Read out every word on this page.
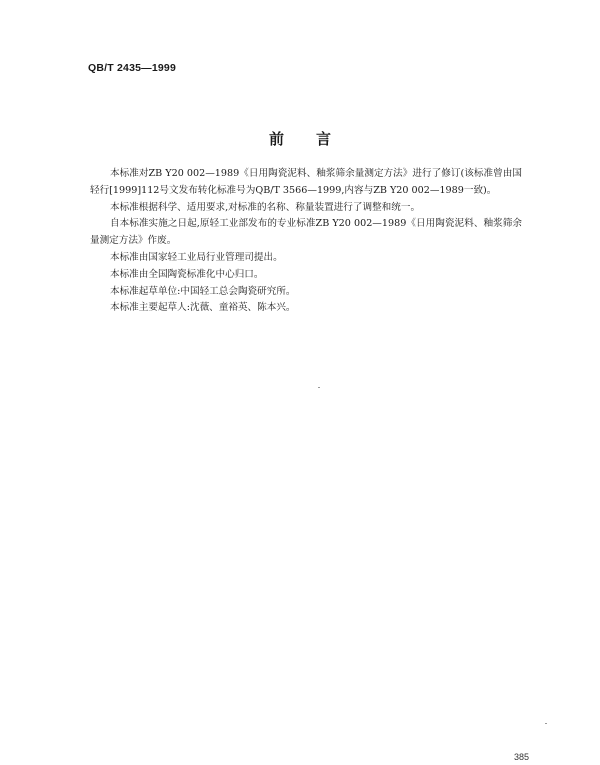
QB/T 2435—1999
前 言

本标准对ZB Y20 002—1989《日用陶瓷泥料、釉浆筛余量测定方法》进行了修订(该标准曾由国轻行[1999]112号文发布转化标准号为QB/T 3566—1999,内容与ZB Y20 002—1989一致)。

本标准根据科学、适用要求,对标准的名称、称量装置进行了调整和统一。

自本标准实施之日起,原轻工业部发布的专业标准ZB Y20 002—1989《日用陶瓷泥料、釉浆筛余量测定方法》作废。

本标准由国家轻工业局行业管理司提出。

本标准由全国陶瓷标准化中心归口。

本标准起草单位:中国轻工总会陶瓷研究所。

本标准主要起草人:沈薇、童裕英、陈本兴。

385
